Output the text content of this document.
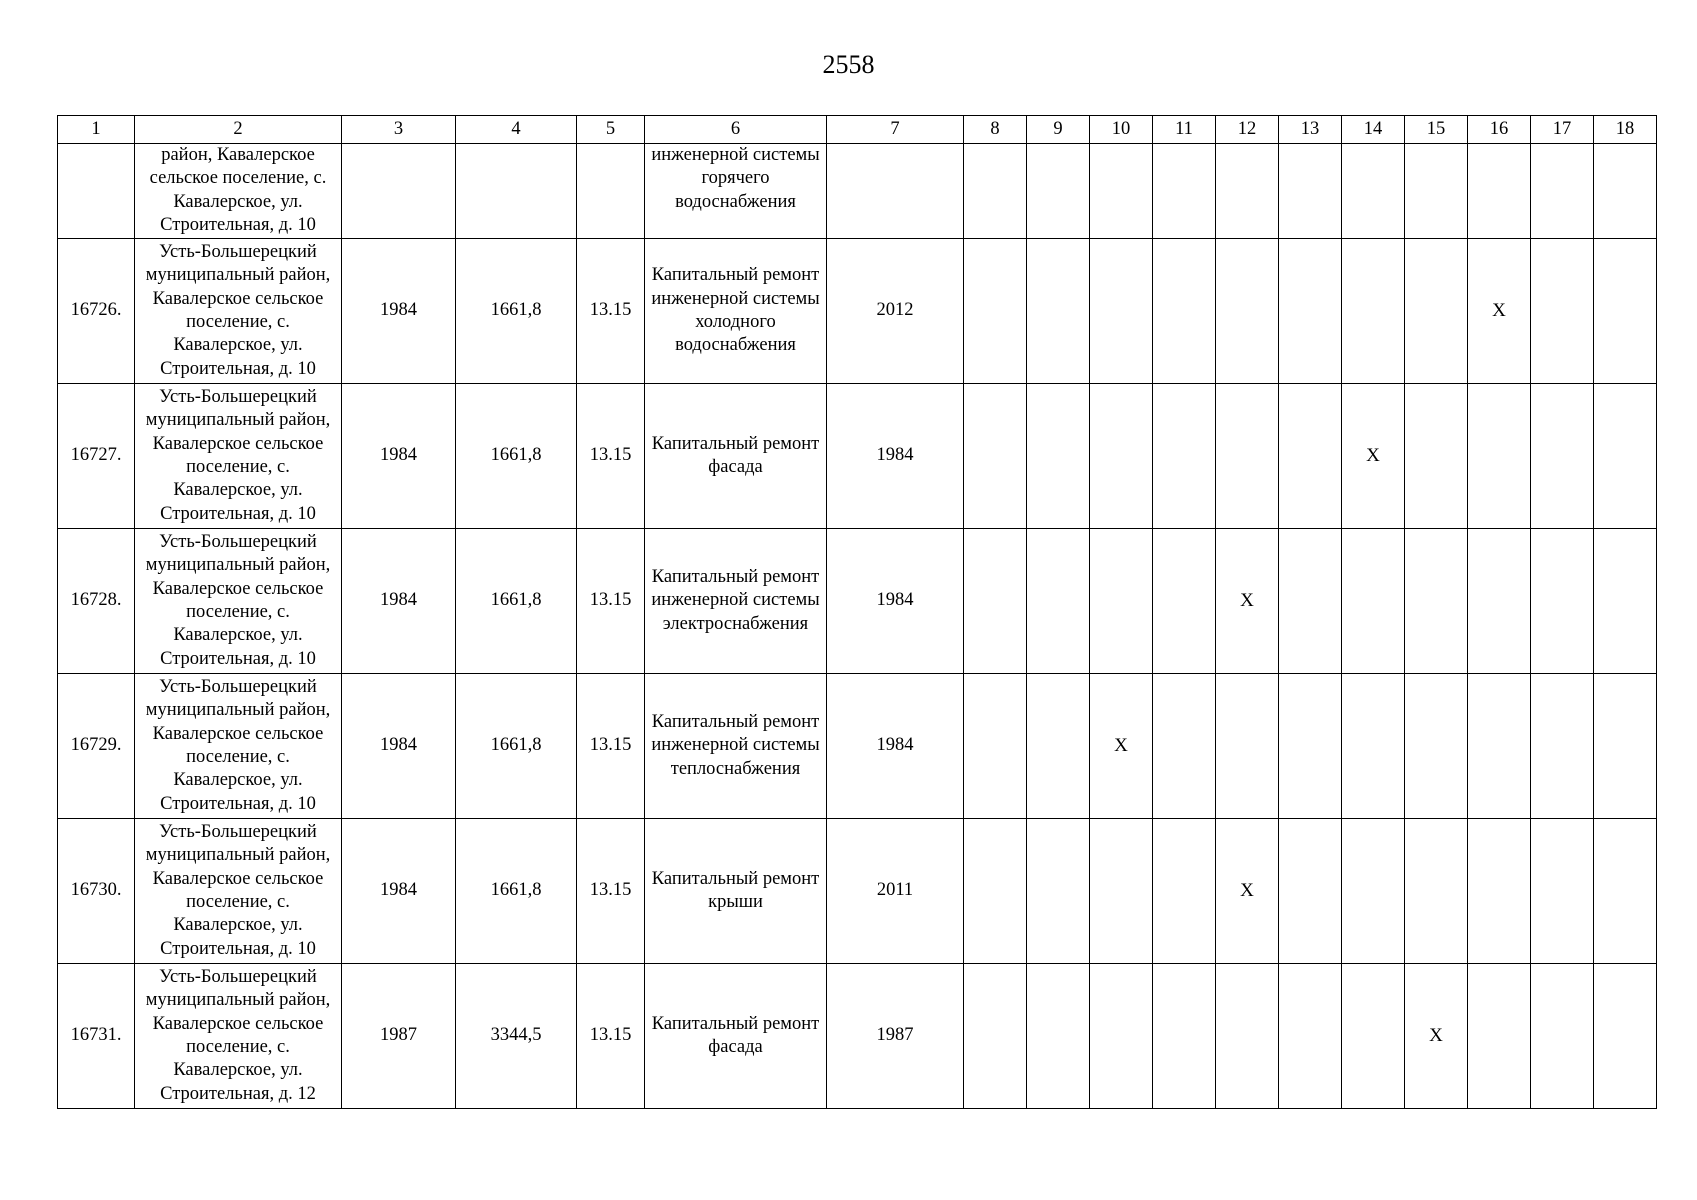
2558
1	2	3	4	5	6	7	8	9	10	11	12	13	14	15	16	17	18
	район, Кавалерское сельское поселение, с. Кавалерское, ул. Строительная, д. 10				инженерной системы горячего водоснабжения												
16726.	Усть-Большерецкий муниципальный район, Кавалерское сельское поселение, с. Кавалерское, ул. Строительная, д. 10	1984	1661,8	13.15	Капитальный ремонт инженерной системы холодного водоснабжения	2012									X		
16727.	Усть-Большерецкий муниципальный район, Кавалерское сельское поселение, с. Кавалерское, ул. Строительная, д. 10	1984	1661,8	13.15	Капитальный ремонт фасада	1984							X				
16728.	Усть-Большерецкий муниципальный район, Кавалерское сельское поселение, с. Кавалерское, ул. Строительная, д. 10	1984	1661,8	13.15	Капитальный ремонт инженерной системы электроснабжения	1984					X						
16729.	Усть-Большерецкий муниципальный район, Кавалерское сельское поселение, с. Кавалерское, ул. Строительная, д. 10	1984	1661,8	13.15	Капитальный ремонт инженерной системы теплоснабжения	1984			X								
16730.	Усть-Большерецкий муниципальный район, Кавалерское сельское поселение, с. Кавалерское, ул. Строительная, д. 10	1984	1661,8	13.15	Капитальный ремонт крыши	2011					X						
16731.	Усть-Большерецкий муниципальный район, Кавалерское сельское поселение, с. Кавалерское, ул. Строительная, д. 12	1987	3344,5	13.15	Капитальный ремонт фасада	1987								X			
